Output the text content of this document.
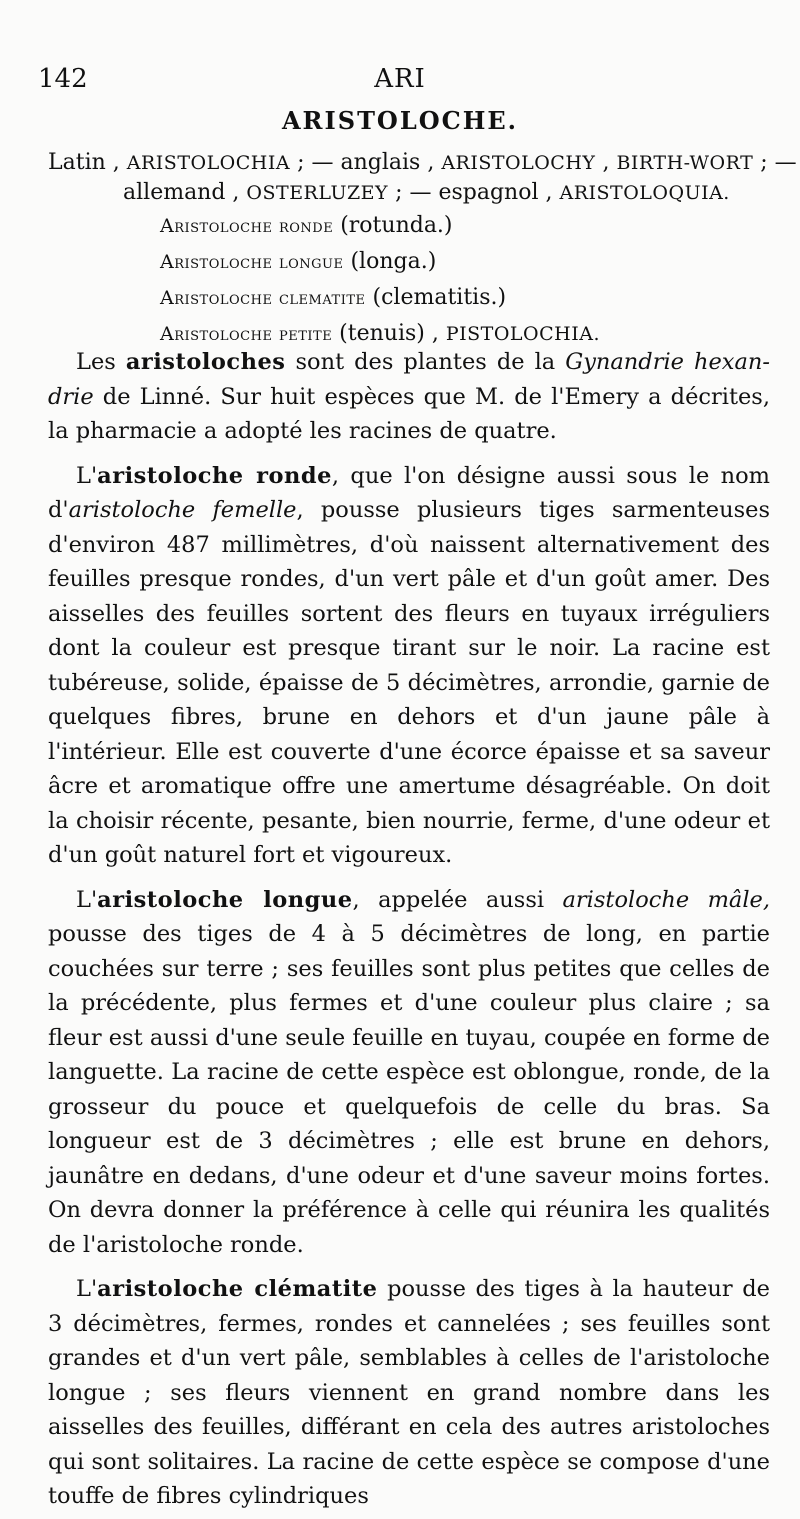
142	ARI
ARISTOLOCHE.
Latin , ARISTOLOCHIA ; — anglais , ARISTOLOCHY , BIRTH-WORT ; —
allemand , OSTERLUZEY ; — espagnol , ARISTOLOQUIA.
Aristoloche ronde (rotunda.)
Aristoloche longue (longa.)
Aristoloche clematite (clematitis.)
Aristoloche petite (tenuis) , PISTOLOCHIA.

Les aristoloches sont des plantes de la Gynandrie hexan-drie de Linné. Sur huit espèces que M. de l'Emery a décrites, la pharmacie a adopté les racines de quatre.

L'aristoloche ronde, que l'on désigne aussi sous le nom d'aristoloche femelle, pousse plusieurs tiges sarmenteuses d'environ 487 millimètres, d'où naissent alternativement des feuilles presque rondes, d'un vert pâle et d'un goût amer. Des aisselles des feuilles sortent des fleurs en tuyaux irréguliers dont la couleur est presque tirant sur le noir. La racine est tubéreuse, solide, épaisse de 5 décimètres, arrondie, garnie de quelques fibres, brune en dehors et d'un jaune pâle à l'intérieur. Elle est couverte d'une écorce épaisse et sa saveur âcre et aromatique offre une amertume désagréable. On doit la choisir récente, pesante, bien nourrie, ferme, d'une odeur et d'un goût naturel fort et vigoureux.

L'aristoloche longue, appelée aussi aristoloche mâle, pousse des tiges de 4 à 5 décimètres de long, en partie couchées sur terre ; ses feuilles sont plus petites que celles de la précédente, plus fermes et d'une couleur plus claire ; sa fleur est aussi d'une seule feuille en tuyau, coupée en forme de languette. La racine de cette espèce est oblongue, ronde, de la grosseur du pouce et quelquefois de celle du bras. Sa longueur est de 3 décimètres ; elle est brune en dehors, jaunâtre en dedans, d'une odeur et d'une saveur moins fortes. On devra donner la préférence à celle qui réunira les qualités de l'aristoloche ronde.

L'aristoloche clématite pousse des tiges à la hauteur de 3 décimètres, fermes, rondes et cannelées ; ses feuilles sont grandes et d'un vert pâle, semblables à celles de l'aristoloche longue ; ses fleurs viennent en grand nombre dans les aisselles des feuilles, différant en cela des autres aristoloches qui sont solitaires. La racine de cette espèce se compose d'une touffe de fibres cylindriques
